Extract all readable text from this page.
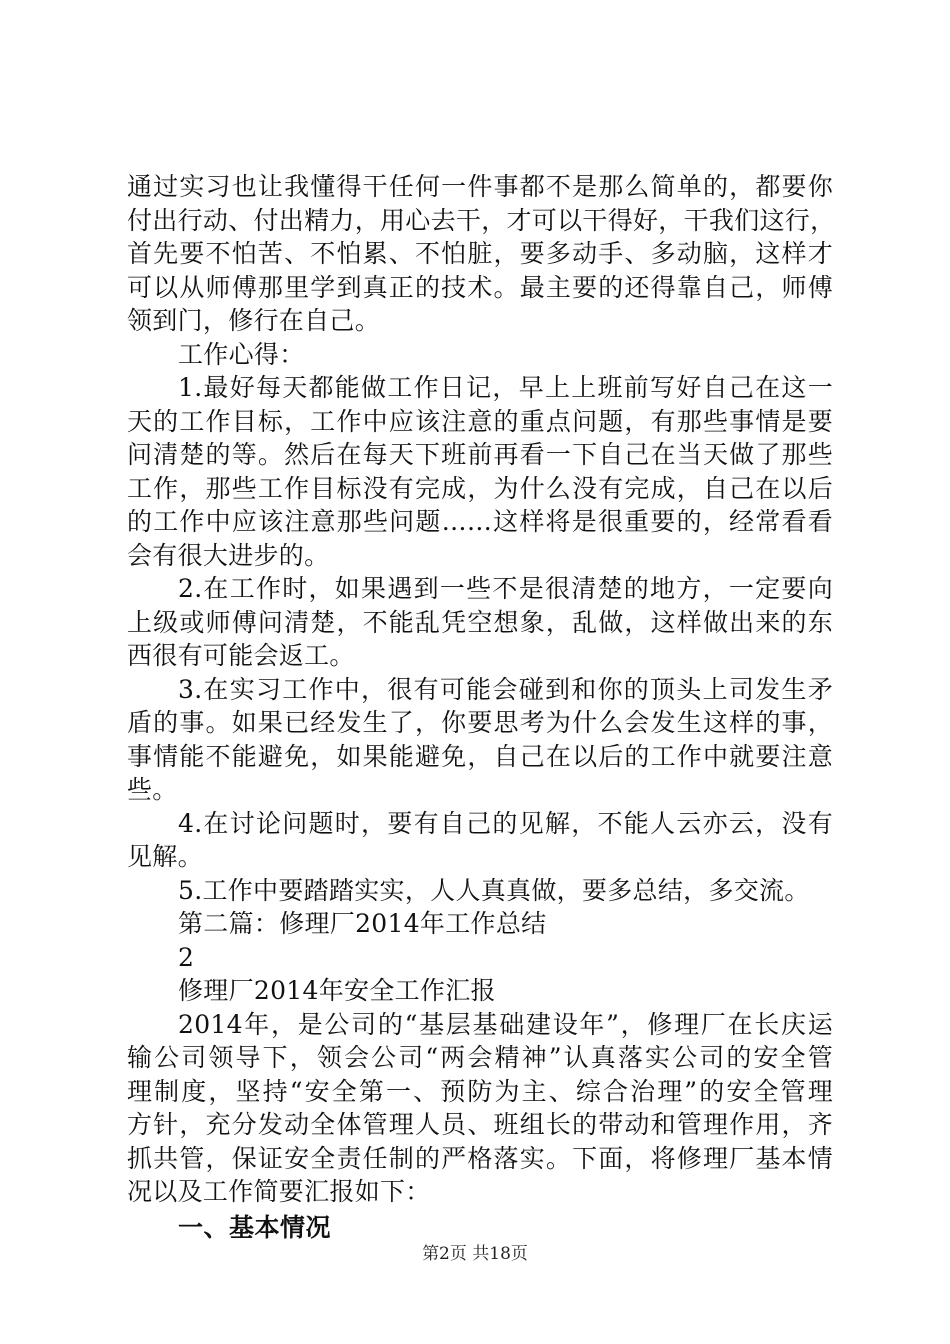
通过实习也让我懂得干任何一件事都不是那么简单的，都要你
付出行动、付出精力，用心去干，才可以干得好，干我们这行，
首先要不怕苦、不怕累、不怕脏，要多动手、多动脑，这样才
可以从师傅那里学到真正的技术。最主要的还得靠自己，师傅
领到门，修行在自己。
工作心得：
1.最好每天都能做工作日记，早上上班前写好自己在这一
天的工作目标，工作中应该注意的重点问题，有那些事情是要
问清楚的等。然后在每天下班前再看一下自己在当天做了那些
工作，那些工作目标没有完成，为什么没有完成，自己在以后
的工作中应该注意那些问题……这样将是很重要的，经常看看
会有很大进步的。
2.在工作时，如果遇到一些不是很清楚的地方，一定要向
上级或师傅问清楚，不能乱凭空想象，乱做，这样做出来的东
西很有可能会返工。
3.在实习工作中，很有可能会碰到和你的顶头上司发生矛
盾的事。如果已经发生了，你要思考为什么会发生这样的事，
事情能不能避免，如果能避免，自己在以后的工作中就要注意
些。
4.在讨论问题时，要有自己的见解，不能人云亦云，没有
见解。
5.工作中要踏踏实实，人人真真做，要多总结，多交流。
第二篇：修理厂2014年工作总结
2
修理厂2014年安全工作汇报
2014年，是公司的“基层基础建设年”，修理厂在长庆运
输公司领导下，领会公司“两会精神”认真落实公司的安全管
理制度，坚持“安全第一、预防为主、综合治理”的安全管理
方针，充分发动全体管理人员、班组长的带动和管理作用，齐
抓共管，保证安全责任制的严格落实。下面，将修理厂基本情
况以及工作简要汇报如下：
一、基本情况
第2页 共18页
